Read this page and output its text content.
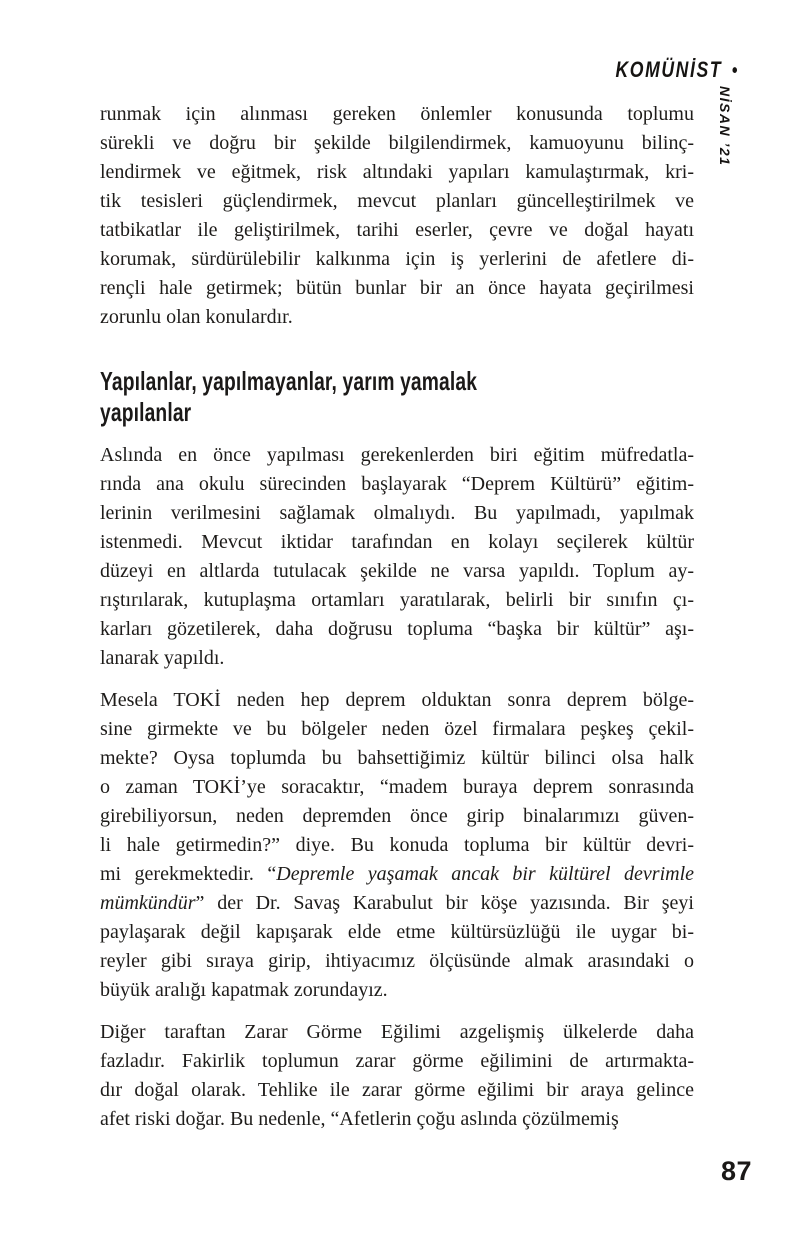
KOMÜNİST •
NİSAN ’21

runmak için alınması gereken önlemler konusunda toplumu
sürekli ve doğru bir şekilde bilgilendirmek, kamuoyunu bilinç-
lendirmek ve eğitmek, risk altındaki yapıları kamulaştırmak, kri-
tik tesisleri güçlendirmek, mevcut planları güncelleştirilmek ve
tatbikatlar ile geliştirilmek, tarihi eserler, çevre ve doğal hayatı
korumak, sürdürülebilir kalkınma için iş yerlerini de afetlere di-
rençli hale getirmek; bütün bunlar bir an önce hayata geçirilmesi
zorunlu olan konulardır.

Yapılanlar, yapılmayanlar, yarım yamalak yapılanlar

Aslında en önce yapılması gerekenlerden biri eğitim müfredatla-
rında ana okulu sürecinden başlayarak “Deprem Kültürü” eğitim-
lerinin verilmesini sağlamak olmalıydı. Bu yapılmadı, yapılmak
istenmedi. Mevcut iktidar tarafından en kolayı seçilerek kültür
düzeyi en altlarda tutulacak şekilde ne varsa yapıldı. Toplum ay-
rıştırılarak, kutuplaşma ortamları yaratılarak, belirli bir sınıfın çı-
karları gözetilerek, daha doğrusu topluma “başka bir kültür” aşı-
lanarak yapıldı.

Mesela TOKİ neden hep deprem olduktan sonra deprem bölge-
sine girmekte ve bu bölgeler neden özel firmalara peşkeş çekil-
mekte? Oysa toplumda bu bahsettiğimiz kültür bilinci olsa halk
o zaman TOKİ’ye soracaktır, “madem buraya deprem sonrasında
girebiliyorsun, neden depremden önce girip binalarımızı güven-
li hale getirmedin?” diye. Bu konuda topluma bir kültür devri-
mi gerekmektedir. “Depremle yaşamak ancak bir kültürel devrimle
mümkündür” der Dr. Savaş Karabulut bir köşe yazısında. Bir şeyi
paylaşarak değil kapışarak elde etme kültürsüzlüğü ile uygar bi-
reyler gibi sıraya girip, ihtiyacımız ölçüsünde almak arasındaki o
büyük aralığı kapatmak zorundayız.

Diğer taraftan Zarar Görme Eğilimi azgelişmiş ülkelerde daha
fazladır. Fakirlik toplumun zarar görme eğilimini de artırmakta-
dır doğal olarak. Tehlike ile zarar görme eğilimi bir araya gelince
afet riski doğar. Bu nedenle, “Afetlerin çoğu aslında çözülmemiş

87
